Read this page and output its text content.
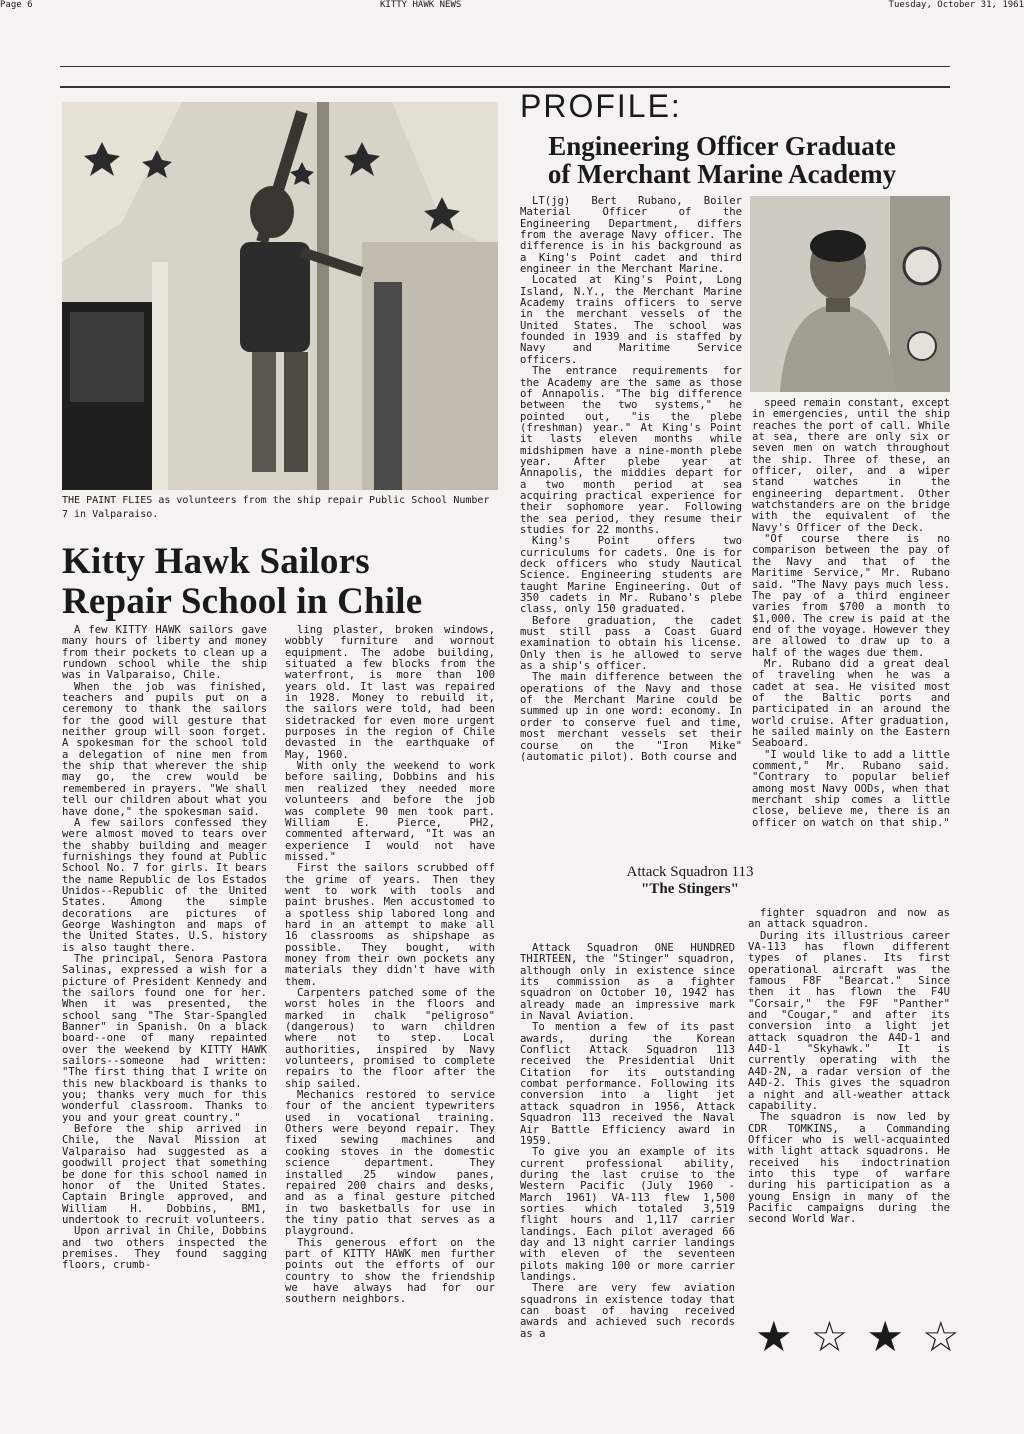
Page 6	KITTY HAWK NEWS	Tuesday, October 31, 1961
THE PAINT FLIES as volunteers from the ship repair Public School Number 7 in Valparaiso.
Kitty Hawk Sailors
Repair School in Chile

A few KITTY HAWK sailors gave many hours of liberty and money from their pockets to clean up a rundown school while the ship was in Valparaiso, Chile.

When the job was finished, teachers and pupils put on a ceremony to thank the sailors for the good will gesture that neither group will soon forget. A spokesman for the school told a delegation of nine men from the ship that wherever the ship may go, the crew would be remembered in prayers. "We shall tell our children about what you have done," the spokesman said.

A few sailors confessed they were almost moved to tears over the shabby building and meager furnishings they found at Public School No. 7 for girls. It bears the name Republic de los Estados Unidos--Republic of the United States. Among the simple decorations are pictures of George Washington and maps of the United States. U.S. history is also taught there.

The principal, Senora Pastora Salinas, expressed a wish for a picture of President Kennedy and the sailors found one for her. When it was presented, the school sang "The Star-Spangled Banner" in Spanish. On a black board--one of many repainted over the weekend by KITTY HAWK sailors--someone had written: "The first thing that I write on this new blackboard is thanks to you; thanks very much for this wonderful classroom. Thanks to you and your great country."

Before the ship arrived in Chile, the Naval Mission at Valparaiso had suggested as a goodwill project that something be done for this school named in honor of the United States. Captain Bringle approved, and William H. Dobbins, BM1, undertook to recruit volunteers.

Upon arrival in Chile, Dobbins and two others inspected the premises. They found sagging floors, crumb-

ling plaster, broken windows, wobbly furniture and wornout equipment. The adobe building, situated a few blocks from the waterfront, is more than 100 years old. It last was repaired in 1928. Money to rebuild it, the sailors were told, had been sidetracked for even more urgent purposes in the region of Chile devasted in the earthquake of May, 1960.

With only the weekend to work before sailing, Dobbins and his men realized they needed more volunteers and before the job was complete 90 men took part. William E. Pierce, PH2, commented afterward, "It was an experience I would not have missed."

First the sailors scrubbed off the grime of years. Then they went to work with tools and paint brushes. Men accustomed to a spotless ship labored long and hard in an attempt to make all 16 classrooms as shipshape as possible. They bought, with money from their own pockets any materials they didn't have with them.

Carpenters patched some of the worst holes in the floors and marked in chalk "peligroso" (dangerous) to warn children where not to step. Local authorities, inspired by Navy volunteers, promised to complete repairs to the floor after the ship sailed.

Mechanics restored to service four of the ancient typewriters used in vocational training. Others were beyond repair. They fixed sewing machines and cooking stoves in the domestic science department. They installed 25 window panes, repaired 200 chairs and desks, and as a final gesture pitched in two basketballs for use in the tiny patio that serves as a playground.

This generous effort on the part of KITTY HAWK men further points out the efforts of our country to show the friendship we have always had for our southern neighbors.

PROFILE:
Engineering Officer Graduate
of Merchant Marine Academy

LT(jg) Bert Rubano, Boiler Material Officer of the Engineering Department, differs from the average Navy officer. The difference is in his background as a King's Point cadet and third engineer in the Merchant Marine.

Located at King's Point, Long Island, N.Y., the Merchant Marine Academy trains officers to serve in the merchant vessels of the United States. The school was founded in 1939 and is staffed by Navy and Maritime Service officers.

The entrance requirements for the Academy are the same as those of Annapolis. "The big difference between the two systems," he pointed out, "is the plebe (freshman) year." At King's Point it lasts eleven months while midshipmen have a nine-month plebe year. After plebe year at Annapolis, the middies depart for a two month period at sea acquiring practical experience for their sophomore year. Following the sea period, they resume their studies for 22 months.

King's Point offers two curriculums for cadets. One is for deck officers who study Nautical Science. Engineering students are taught Marine Engineering. Out of 350 cadets in Mr. Rubano's plebe class, only 150 graduated.

Before graduation, the cadet must still pass a Coast Guard examination to obtain his license. Only then is he allowed to serve as a ship's officer.

The main difference between the operations of the Navy and those of the Merchant Marine could be summed up in one word: economy. In order to conserve fuel and time, most merchant vessels set their course on the "Iron Mike" (automatic pilot). Both course and

speed remain constant, except in emergencies, until the ship reaches the port of call. While at sea, there are only six or seven men on watch throughout the ship. Three of these, an officer, oiler, and a wiper stand watches in the engineering department. Other watchstanders are on the bridge with the equivalent of the Navy's Officer of the Deck.

"Of course there is no comparison between the pay of the Navy and that of the Maritime Service," Mr. Rubano said. "The Navy pays much less. The pay of a third engineer varies from $700 a month to $1,000. The crew is paid at the end of the voyage. However they are allowed to draw up to a half of the wages due them.

Mr. Rubano did a great deal of traveling when he was a cadet at sea. He visited most of the Baltic ports and participated in an around the world cruise. After graduation, he sailed mainly on the Eastern Seaboard.

"I would like to add a little comment," Mr. Rubano said. "Contrary to popular belief among most Navy OODs, when that merchant ship comes a little close, believe me, there is an officer on watch on that ship."

Attack Squadron 113
"The Stingers"

Attack Squadron ONE HUNDRED THIRTEEN, the "Stinger" squadron, although only in existence since its commission as a fighter squadron on October 10, 1942 has already made an impressive mark in Naval Aviation.

To mention a few of its past awards, during the Korean Conflict Attack Squadron 113 received the Presidential Unit Citation for its outstanding combat performance. Following its conversion into a light jet attack squadron in 1956, Attack Squadron 113 received the Naval Air Battle Efficiency award in 1959.

To give you an example of its current professional ability, during the last cruise to the Western Pacific (July 1960 - March 1961) VA-113 flew 1,500 sorties which totaled 3,519 flight hours and 1,117 carrier landings. Each pilot averaged 66 day and 13 night carrier landings with eleven of the seventeen pilots making 100 or more carrier landings.

There are very few aviation squadrons in existence today that can boast of having received awards and achieved such records as a

fighter squadron and now as an attack squadron.

During its illustrious career VA-113 has flown different types of planes. Its first operational aircraft was the famous F8F "Bearcat." Since then it has flown the F4U "Corsair," the F9F "Panther" and "Cougar," and after its conversion into a light jet attack squadron the A4D-1 and A4D-1 "Skyhawk." It is currently operating with the A4D-2N, a radar version of the A4D-2. This gives the squadron a night and all-weather attack capability.

The squadron is now led by CDR TOMKINS, a Commanding Officer who is well-acquainted with light attack squadrons. He received his indoctrination into this type of warfare during his participation as a young Ensign in many of the Pacific campaigns during the second World War.

★☆★☆
